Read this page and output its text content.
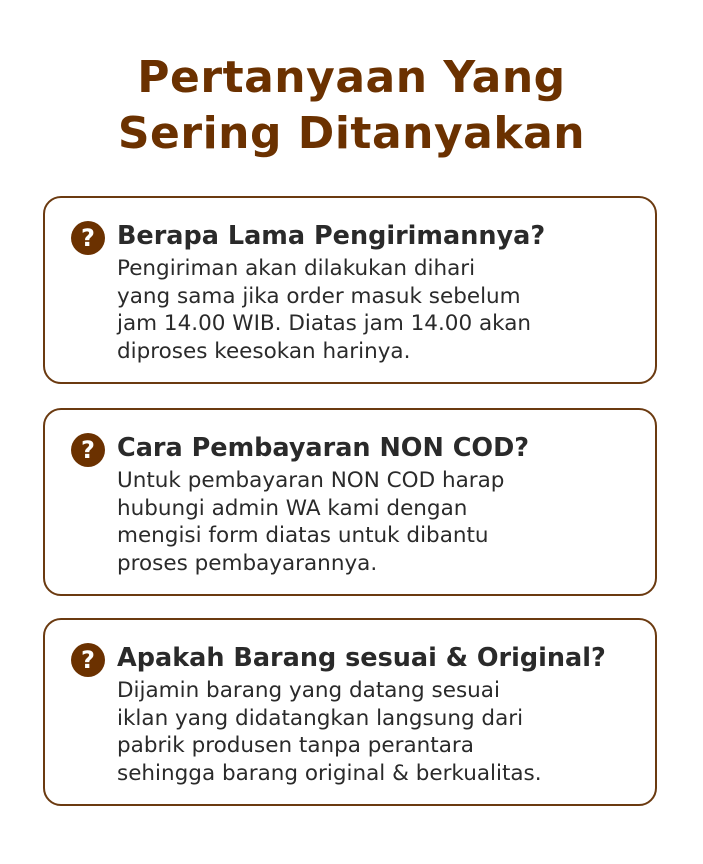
Pertanyaan Yang
Sering Ditanyakan
? Berapa Lama Pengirimannya?
Pengiriman akan dilakukan dihari
yang sama jika order masuk sebelum
jam 14.00 WIB. Diatas jam 14.00 akan
diproses keesokan harinya.
? Cara Pembayaran NON COD?
Untuk pembayaran NON COD harap
hubungi admin WA kami dengan
mengisi form diatas untuk dibantu
proses pembayarannya.
? Apakah Barang sesuai & Original?
Dijamin barang yang datang sesuai
iklan yang didatangkan langsung dari
pabrik produsen tanpa perantara
sehingga barang original & berkualitas.
